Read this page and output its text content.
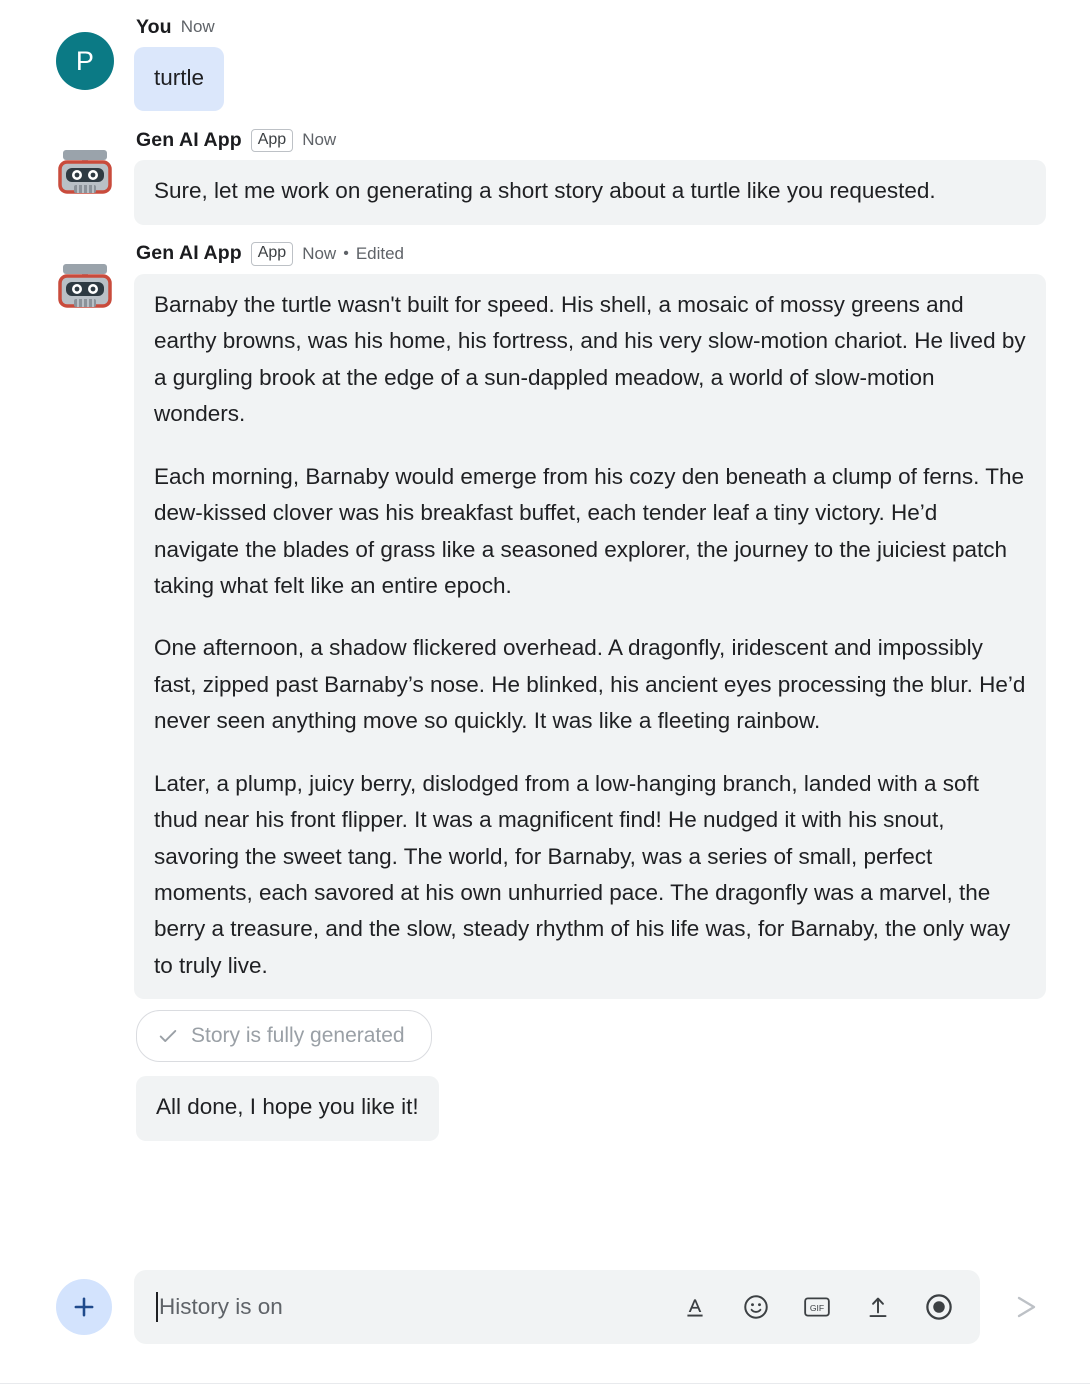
P
You Now

turtle

Gen AI App	App Now

Sure, let me work on generating a short story about a turtle like you requested.

Gen AI App	App Now • Edited

Barnaby the turtle wasn't built for speed. His shell, a mosaic of mossy greens and earthy browns, was his home, his fortress, and his very slow-motion chariot. He lived by a gurgling brook at the edge of a sun-dappled meadow, a world of slow-motion wonders.

Each morning, Barnaby would emerge from his cozy den beneath a clump of ferns. The dew-kissed clover was his breakfast buffet, each tender leaf a tiny victory. He’d navigate the blades of grass like a seasoned explorer, the journey to the juiciest patch taking what felt like an entire epoch.

One afternoon, a shadow flickered overhead. A dragonfly, iridescent and impossibly fast, zipped past Barnaby’s nose. He blinked, his ancient eyes processing the blur. He’d never seen anything move so quickly. It was like a fleeting rainbow.

Later, a plump, juicy berry, dislodged from a low-hanging branch, landed with a soft thud near his front flipper. It was a magnificent find! He nudged it with his snout, savoring the sweet tang. The world, for Barnaby, was a series of small, perfect moments, each savored at his own unhurried pace. The dragonfly was a marvel, the berry a treasure, and the slow, steady rhythm of his life was, for Barnaby, the only way to truly live.

Story is fully generated

All done, I hope you like it!

History is on	GIF
